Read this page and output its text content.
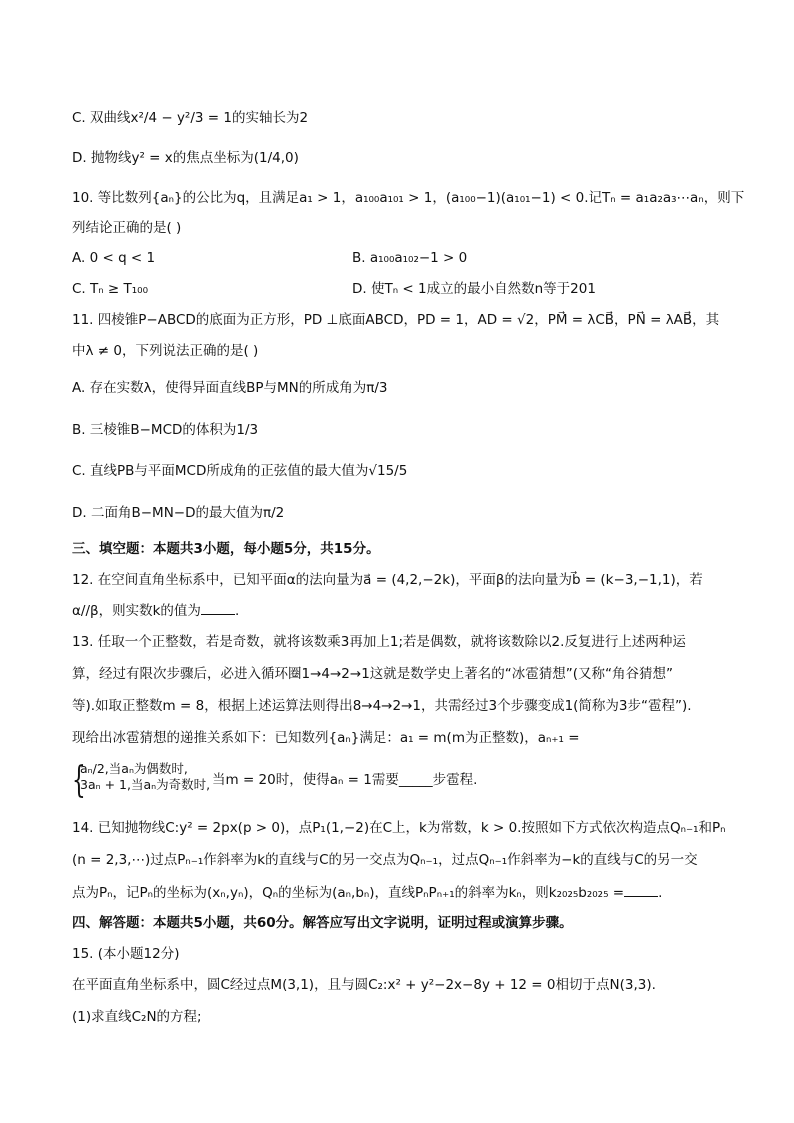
C. 双曲线x²/4 − y²/3 = 1的实轴长为2
D. 抛物线y² = x的焦点坐标为(1/4,0)
10. 等比数列{aₙ}的公比为q，且满足a₁ > 1，a₁₀₀a₁₀₁ > 1，(a₁₀₀−1)(a₁₀₁−1) < 0.记Tₙ = a₁a₂a₃⋯aₙ，则下
列结论正确的是( )
A. 0 < q < 1	B. a₁₀₀a₁₀₂−1 > 0
C. Tₙ ≥ T₁₀₀	D. 使Tₙ < 1成立的最小自然数n等于201
11. 四棱锥P−ABCD的底面为正方形，PD ⊥底面ABCD，PD = 1，AD = √2，PM⃗ = λCB⃗，PN⃗ = λAB⃗，其
中λ ≠ 0，下列说法正确的是( )
A. 存在实数λ，使得异面直线BP与MN的所成角为π/3
B. 三棱锥B−MCD的体积为1/3
C. 直线PB与平面MCD所成角的正弦值的最大值为√15/5
D. 二面角B−MN−D的最大值为π/2
三、填空题：本题共3小题，每小题5分，共15分。
12. 在空间直角坐标系中，已知平面α的法向量为a⃗ = (4,2,−2k)，平面β的法向量为b⃗ = (k−3,−1,1)，若
α//β，则实数k的值为	.
13. 任取一个正整数，若是奇数，就将该数乘3再加上1;若是偶数，就将该数除以2.反复进行上述两种运
算，经过有限次步骤后，必进入循环圈1→4→2→1这就是数学史上著名的“冰雹猜想”(又称“角谷猜想”
等).如取正整数m = 8，根据上述运算法则得出8→4→2→1，共需经过3个步骤变成1(简称为3步“雹程”).
现给出冰雹猜想的递推关系如下：已知数列{aₙ}满足：a₁ = m(m为正整数)，aₙ₊₁ =
{
aₙ/2,当aₙ为偶数时,
3aₙ + 1,当aₙ为奇数时, 当m = 20时，使得aₙ = 1需要_____步雹程.
14. 已知抛物线C:y² = 2px(p > 0)，点P₁(1,−2)在C上，k为常数，k > 0.按照如下方式依次构造点Qₙ₋₁和Pₙ
(n = 2,3,⋯)过点Pₙ₋₁作斜率为k的直线与C的另一交点为Qₙ₋₁，过点Qₙ₋₁作斜率为−k的直线与C的另一交
点为Pₙ，记Pₙ的坐标为(xₙ,yₙ)，Qₙ的坐标为(aₙ,bₙ)，直线PₙPₙ₊₁的斜率为kₙ，则k₂₀₂₅b₂₀₂₅ =	.
四、解答题：本题共5小题，共60分。解答应写出文字说明，证明过程或演算步骤。
15. (本小题12分)
在平面直角坐标系中，圆C经过点M(3,1)，且与圆C₂:x² + y²−2x−8y + 12 = 0相切于点N(3,3).
(1)求直线C₂N的方程;
